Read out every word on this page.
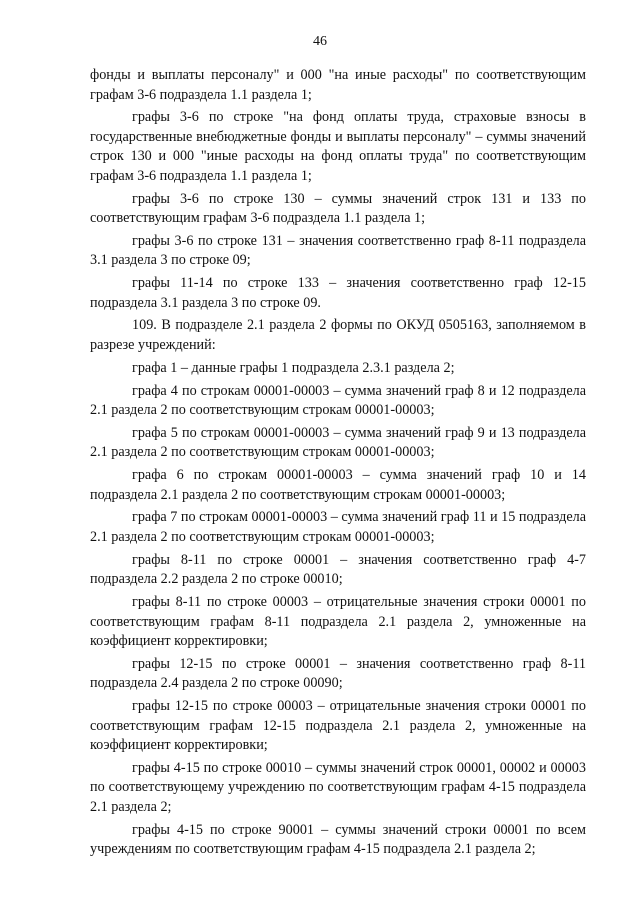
46

фонды и выплаты персоналу" и 000 "на иные расходы" по соответствующим графам 3-6 подраздела 1.1 раздела 1;

графы 3-6 по строке "на фонд оплаты труда, страховые взносы в государственные внебюджетные фонды и выплаты персоналу" – суммы значений строк 130 и 000 "иные расходы на фонд оплаты труда" по соответствующим графам 3-6 подраздела 1.1 раздела 1;

графы 3-6 по строке 130 – суммы значений строк 131 и 133 по соответствующим графам 3-6 подраздела 1.1 раздела 1;

графы 3-6 по строке 131 – значения соответственно граф 8-11 подраздела 3.1 раздела 3 по строке 09;

графы 11-14 по строке 133 – значения соответственно граф 12-15 подраздела 3.1 раздела 3 по строке 09.

109. В подразделе 2.1 раздела 2 формы по ОКУД 0505163, заполняемом в разрезе учреждений:

графа 1 – данные графы 1 подраздела 2.3.1 раздела 2;

графа 4 по строкам 00001-00003 – сумма значений граф 8 и 12 подраздела 2.1 раздела 2 по соответствующим строкам 00001-00003;

графа 5 по строкам 00001-00003 – сумма значений граф 9 и 13 подраздела 2.1 раздела 2 по соответствующим строкам 00001-00003;

графа 6 по строкам 00001-00003 – сумма значений граф 10 и 14 подраздела 2.1 раздела 2 по соответствующим строкам 00001-00003;

графа 7 по строкам 00001-00003 – сумма значений граф 11 и 15 подраздела 2.1 раздела 2 по соответствующим строкам 00001-00003;

графы 8-11 по строке 00001 – значения соответственно граф 4-7 подраздела 2.2 раздела 2 по строке 00010;

графы 8-11 по строке 00003 – отрицательные значения строки 00001 по соответствующим графам 8-11 подраздела 2.1 раздела 2, умноженные на коэффициент корректировки;

графы 12-15 по строке 00001 – значения соответственно граф 8-11 подраздела 2.4 раздела 2 по строке 00090;

графы 12-15 по строке 00003 – отрицательные значения строки 00001 по соответствующим графам 12-15 подраздела 2.1 раздела 2, умноженные на коэффициент корректировки;

графы 4-15 по строке 00010 – суммы значений строк 00001, 00002 и 00003 по соответствующему учреждению по соответствующим графам 4-15 подраздела 2.1 раздела 2;

графы 4-15 по строке 90001 – суммы значений строки 00001 по всем учреждениям по соответствующим графам 4-15 подраздела 2.1 раздела 2;
